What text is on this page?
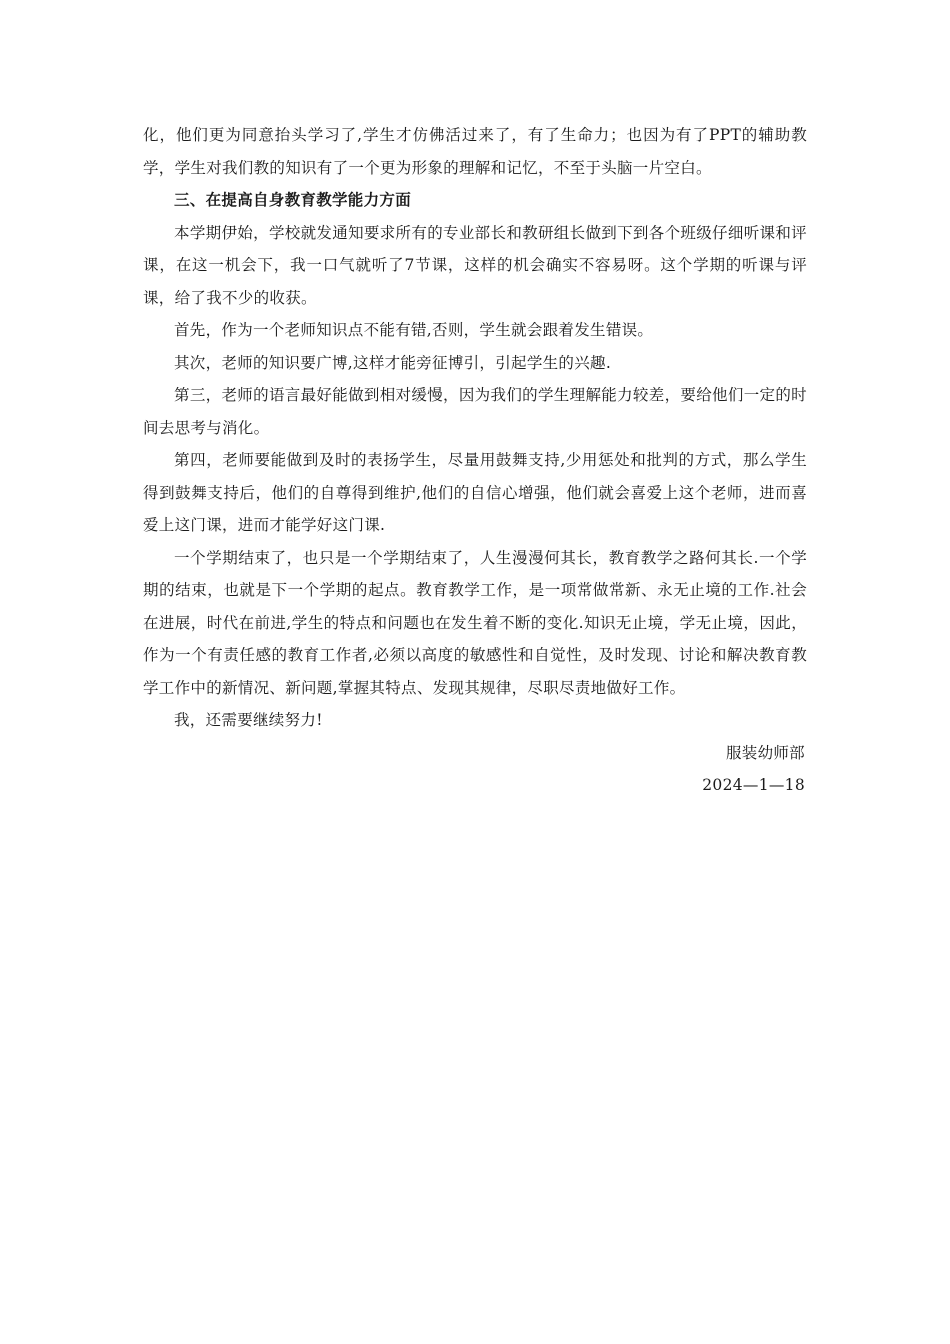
化，他们更为同意抬头学习了,学生才仿佛活过来了，有了生命力；也因为有了PPT的辅助教学，学生对我们教的知识有了一个更为形象的理解和记忆，不至于头脑一片空白。

三、在提高自身教育教学能力方面

本学期伊始，学校就发通知要求所有的专业部长和教研组长做到下到各个班级仔细听课和评课，在这一机会下，我一口气就听了7节课，这样的机会确实不容易呀。这个学期的听课与评课，给了我不少的收获。

首先，作为一个老师知识点不能有错,否则，学生就会跟着发生错误。

其次，老师的知识要广博,这样才能旁征博引，引起学生的兴趣.

第三，老师的语言最好能做到相对缓慢，因为我们的学生理解能力较差，要给他们一定的时间去思考与消化。

第四，老师要能做到及时的表扬学生，尽量用鼓舞支持,少用惩处和批判的方式，那么学生得到鼓舞支持后，他们的自尊得到维护,他们的自信心增强，他们就会喜爱上这个老师，进而喜爱上这门课，进而才能学好这门课.

一个学期结束了，也只是一个学期结束了，人生漫漫何其长，教育教学之路何其长.一个学期的结束，也就是下一个学期的起点。教育教学工作，是一项常做常新、永无止境的工作.社会在进展，时代在前进,学生的特点和问题也在发生着不断的变化.知识无止境，学无止境，因此，作为一个有责任感的教育工作者,必须以高度的敏感性和自觉性，及时发现、讨论和解决教育教学工作中的新情况、新问题,掌握其特点、发现其规律，尽职尽责地做好工作。

我，还需要继续努力!

服装幼师部

2024—1—18
